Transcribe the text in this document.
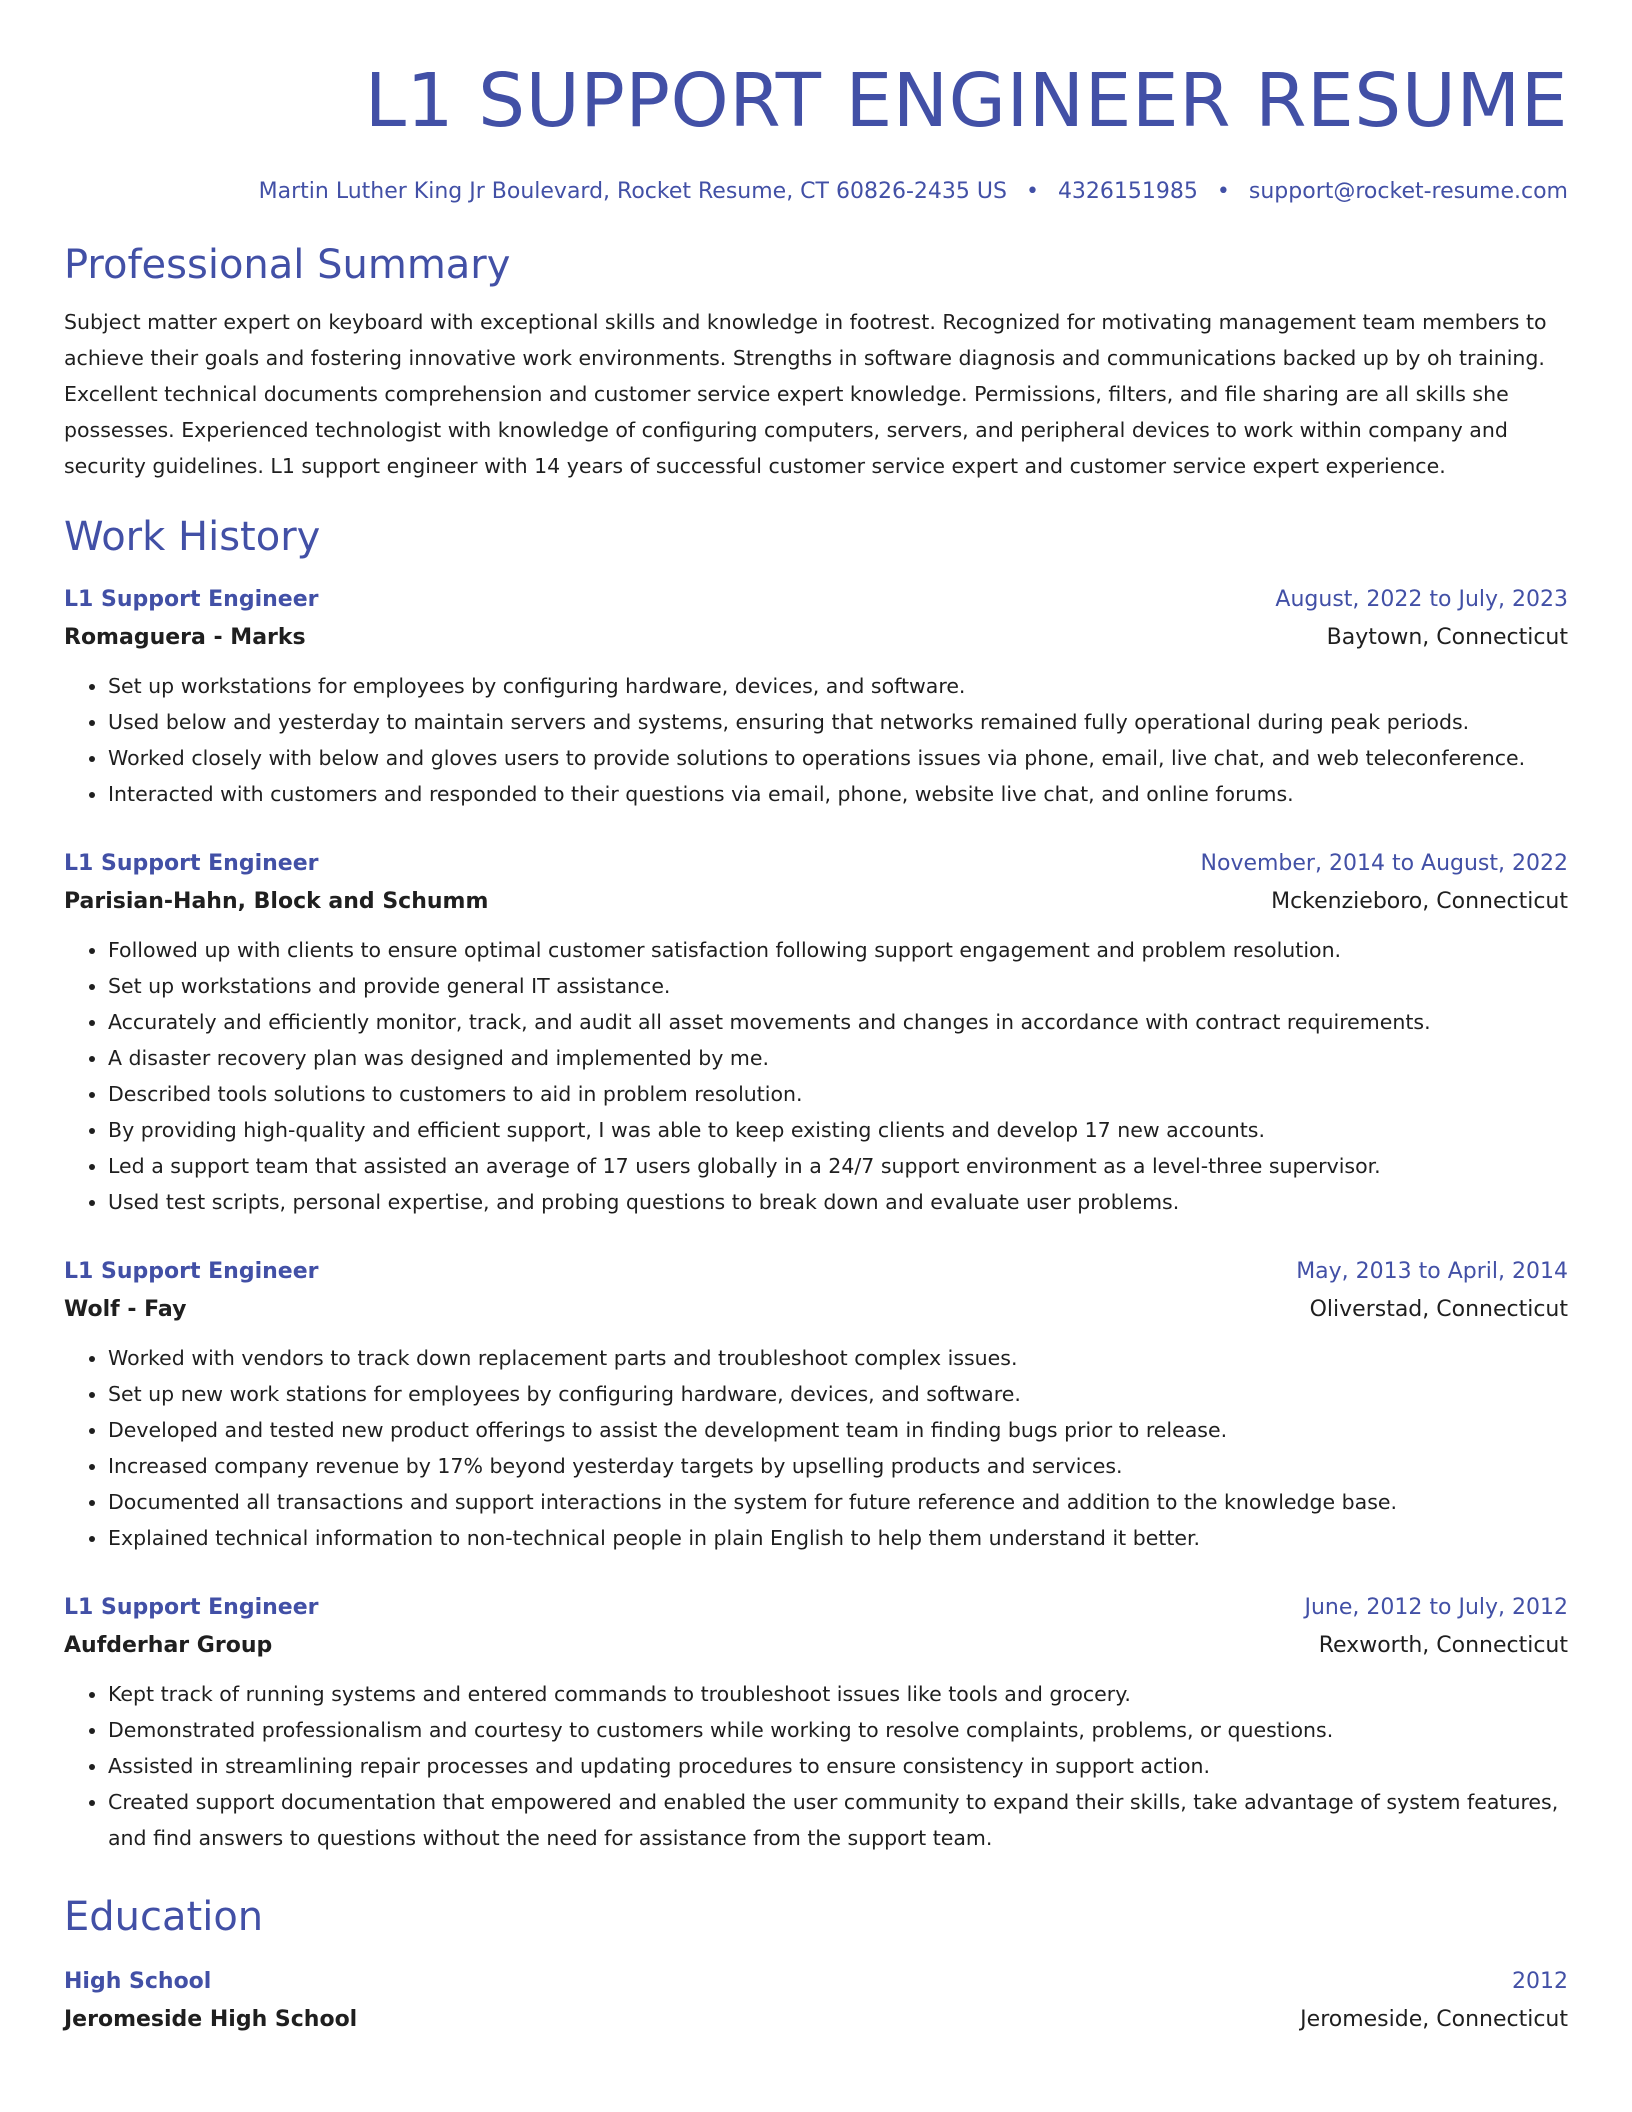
L1 SUPPORT ENGINEER RESUME
Martin Luther King Jr Boulevard, Rocket Resume, CT 60826-2435 US • 4326151985 • support@rocket-resume.com
Professional Summary
Subject matter expert on keyboard with exceptional skills and knowledge in footrest. Recognized for motivating management team members to achieve their goals and fostering innovative work environments. Strengths in software diagnosis and communications backed up by oh training. Excellent technical documents comprehension and customer service expert knowledge. Permissions, filters, and file sharing are all skills she possesses. Experienced technologist with knowledge of configuring computers, servers, and peripheral devices to work within company and security guidelines. L1 support engineer with 14 years of successful customer service expert and customer service expert experience.
Work History
L1 Support Engineer	August, 2022 to July, 2023
Romaguera - Marks	Baytown, Connecticut
• Set up workstations for employees by configuring hardware, devices, and software.
• Used below and yesterday to maintain servers and systems, ensuring that networks remained fully operational during peak periods.
• Worked closely with below and gloves users to provide solutions to operations issues via phone, email, live chat, and web teleconference.
• Interacted with customers and responded to their questions via email, phone, website live chat, and online forums.
L1 Support Engineer	November, 2014 to August, 2022
Parisian-Hahn, Block and Schumm	Mckenzieboro, Connecticut
• Followed up with clients to ensure optimal customer satisfaction following support engagement and problem resolution.
• Set up workstations and provide general IT assistance.
• Accurately and efficiently monitor, track, and audit all asset movements and changes in accordance with contract requirements.
• A disaster recovery plan was designed and implemented by me.
• Described tools solutions to customers to aid in problem resolution.
• By providing high-quality and efficient support, I was able to keep existing clients and develop 17 new accounts.
• Led a support team that assisted an average of 17 users globally in a 24/7 support environment as a level-three supervisor.
• Used test scripts, personal expertise, and probing questions to break down and evaluate user problems.
L1 Support Engineer	May, 2013 to April, 2014
Wolf - Fay	Oliverstad, Connecticut
• Worked with vendors to track down replacement parts and troubleshoot complex issues.
• Set up new work stations for employees by configuring hardware, devices, and software.
• Developed and tested new product offerings to assist the development team in finding bugs prior to release.
• Increased company revenue by 17% beyond yesterday targets by upselling products and services.
• Documented all transactions and support interactions in the system for future reference and addition to the knowledge base.
• Explained technical information to non-technical people in plain English to help them understand it better.
L1 Support Engineer	June, 2012 to July, 2012
Aufderhar Group	Rexworth, Connecticut
• Kept track of running systems and entered commands to troubleshoot issues like tools and grocery.
• Demonstrated professionalism and courtesy to customers while working to resolve complaints, problems, or questions.
• Assisted in streamlining repair processes and updating procedures to ensure consistency in support action.
• Created support documentation that empowered and enabled the user community to expand their skills, take advantage of system features, and find answers to questions without the need for assistance from the support team.
Education
High School	2012
Jeromeside High School	Jeromeside, Connecticut
